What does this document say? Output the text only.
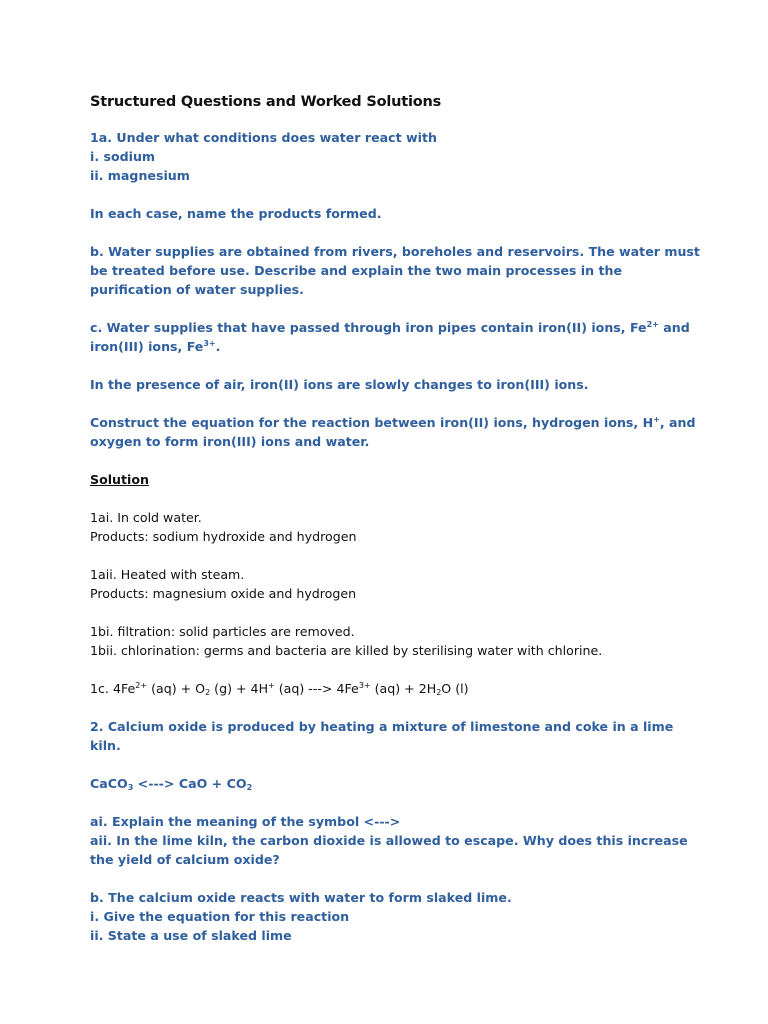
Structured Questions and Worked Solutions
1a. Under what conditions does water react with
i. sodium
ii. magnesium
In each case, name the products formed.
b. Water supplies are obtained from rivers, boreholes and reservoirs. The water must be treated before use. Describe and explain the two main processes in the purification of water supplies.
c. Water supplies that have passed through iron pipes contain iron(II) ions, $Fe^{2+}$ and iron(III) ions, $Fe^{3+}$.
In the presence of air, iron(II) ions are slowly changes to iron(III) ions.
Construct the equation for the reaction between iron(II) ions, hydrogen ions, H+, and oxygen to form iron(III) ions and water.
Solution
1ai. In cold water.
Products: sodium hydroxide and hydrogen
1aii. Heated with steam.
Products: magnesium oxide and hydrogen
1bi. filtration: solid particles are removed.
1bii. chlorination: germs and bacteria are killed by sterilising water with chlorine.
1c. $4Fe^{2+}$ $(aq) + O_2$ (g) + 4H+ (aq) ---> $4Fe^{3+}$ $(aq) + 2H_2O$ (l)
2. Calcium oxide is produced by heating a mixture of limestone and coke in a lime kiln.
CaCO$_3$ <---> CaO + $CO_2$
ai. Explain the meaning of the symbol <--->
aii. In the lime kiln, the carbon dioxide is allowed to escape. Why does this increase the yield of calcium oxide?
b. The calcium oxide reacts with water to form slaked lime.
i. Give the equation for this reaction
ii. State a use of slaked lime
